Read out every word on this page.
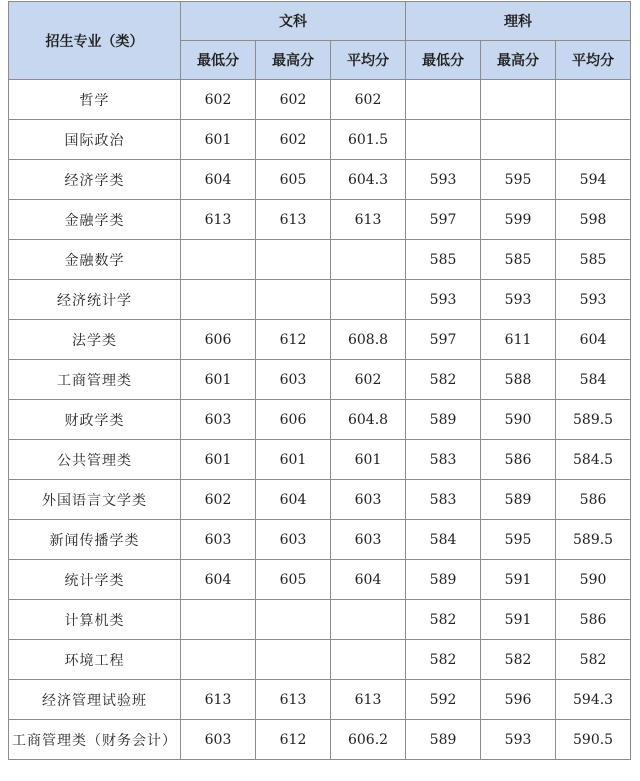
招生专业（类）	文科			理科		
	最低分	最高分	平均分	最低分	最高分	平均分
哲学	602	602	602			
国际政治	601	602	601.5			
经济学类	604	605	604.3	593	595	594
金融学类	613	613	613	597	599	598
金融数学				585	585	585
经济统计学				593	593	593
法学类	606	612	608.8	597	611	604
工商管理类	601	603	602	582	588	584
财政学类	603	606	604.8	589	590	589.5
公共管理类	601	601	601	583	586	584.5
外国语言文学类	602	604	603	583	589	586
新闻传播学类	603	603	603	584	595	589.5
统计学类	604	605	604	589	591	590
计算机类				582	591	586
环境工程				582	582	582
经济管理试验班	613	613	613	592	596	594.3
工商管理类（财务会计）	603	612	606.2	589	593	590.5
